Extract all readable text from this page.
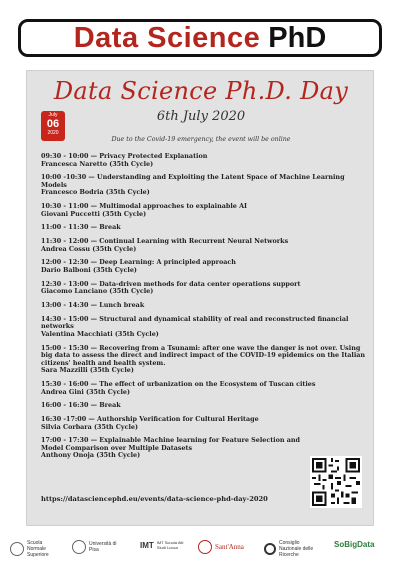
Data Science PhD
Data Science Ph.D. Day
July
06
2020
6th July 2020
Due to the Covid-19 emergency, the event will be online
09:30 - 10:00 — Privacy Protected Explanation
Francesca Naretto (35th Cycle)
10:00 -10:30 — Understanding and Exploiting the Latent Space of Machine Learning Models
Francesco Bodria (35th Cycle)
10:30 - 11:00 — Multimodal approaches to explainable AI
Giovani Puccetti (35th Cycle)
11:00 - 11:30 — Break
11:30 - 12:00 — Continual Learning with Recurrent Neural Networks
Andrea Cossu (35th Cycle)
12:00 - 12:30 — Deep Learning: A principled approach
Dario Balboni (35th Cycle)
12:30 - 13:00 — Data-driven methods for data center operations support
Giacomo Lanciano (35th Cycle)
13:00 - 14:30 — Lunch break
14:30 - 15:00 — Structural and dynamical stability of real and reconstructed financial networks
Valentina Macchiati (35th Cycle)
15:00 - 15:30 — Recovering from a Tsunami: after one wave the danger is not over. Using big data to assess the direct and indirect impact of the COVID-19 epidemics on the Italian citizens' health and health system.
Sara Mazzilli (35th Cycle)
15:30 - 16:00 — The effect of urbanization on the Ecosystem of Tuscan cities
Andrea Gini (35th Cycle)
16:00 - 16:30 — Break
16:30 -17:00 — Authorship Verification for Cultural Heritage
Silvia Corbara (35th Cycle)
17:00 - 17:30 — Explainable Machine learning for Feature Selection and Model Comparison over Multiple Datasets
Anthony Onoja (35th Cycle)
https://datasciencephd.eu/events/data-science-phd-day-2020
Scuola Normale Superiore
Università di Pisa
IMT IMT Scuola Alti Studi Lucca	Sant'Anna	Consiglio Nazionale delle Ricerche
SoBigData
